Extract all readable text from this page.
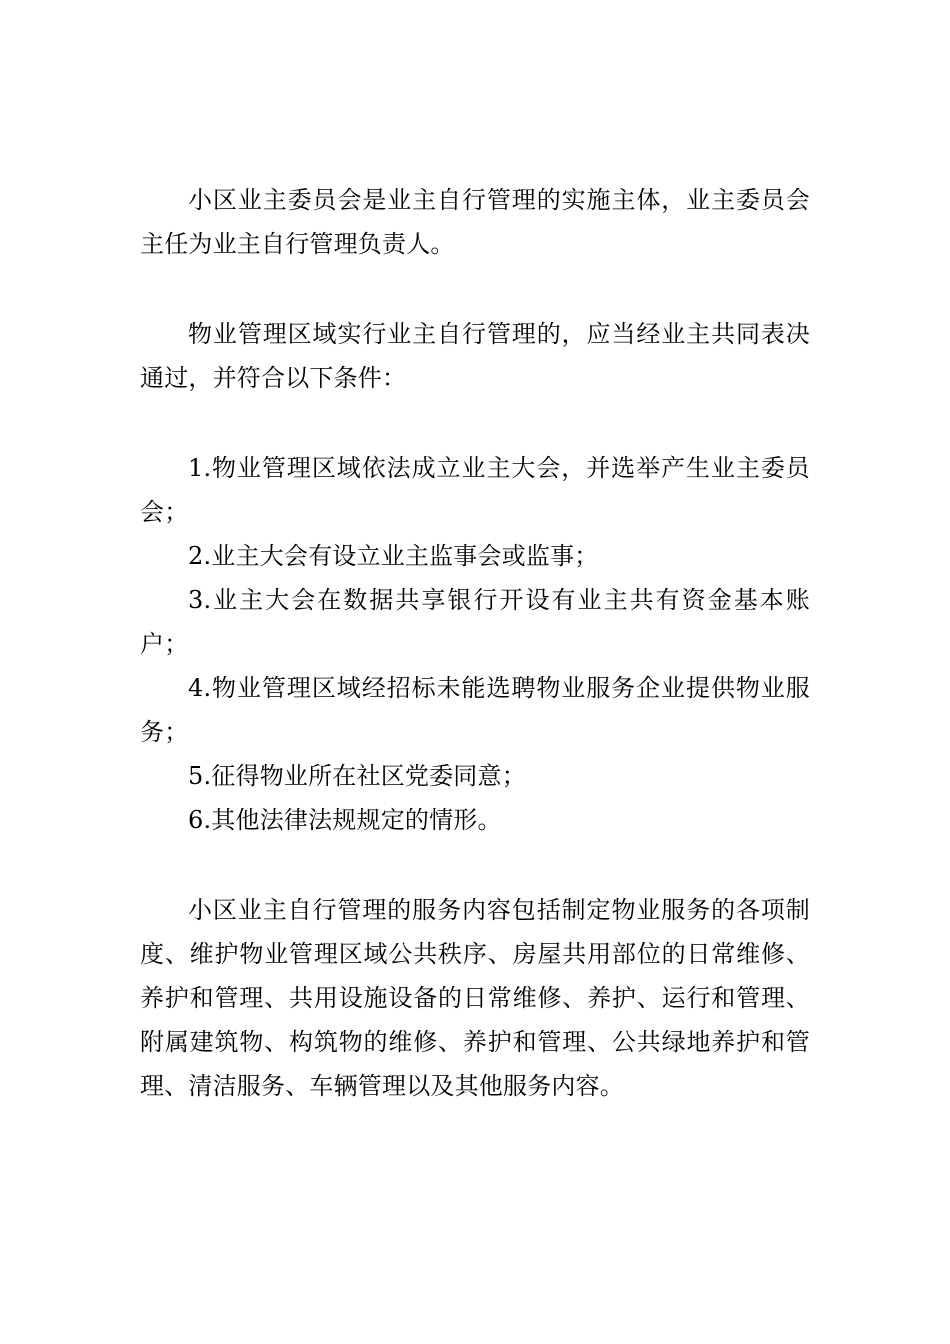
小区业主委员会是业主自行管理的实施主体，业主委员会主任为业主自行管理负责人。

物业管理区域实行业主自行管理的，应当经业主共同表决通过，并符合以下条件：

1.物业管理区域依法成立业主大会，并选举产生业主委员会；

2.业主大会有设立业主监事会或监事；

3.业主大会在数据共享银行开设有业主共有资金基本账户；

4.物业管理区域经招标未能选聘物业服务企业提供物业服务；

5.征得物业所在社区党委同意；

6.其他法律法规规定的情形。

小区业主自行管理的服务内容包括制定物业服务的各项制度、维护物业管理区域公共秩序、房屋共用部位的日常维修、养护和管理、共用设施设备的日常维修、养护、运行和管理、附属建筑物、构筑物的维修、养护和管理、公共绿地养护和管理、清洁服务、车辆管理以及其他服务内容。
